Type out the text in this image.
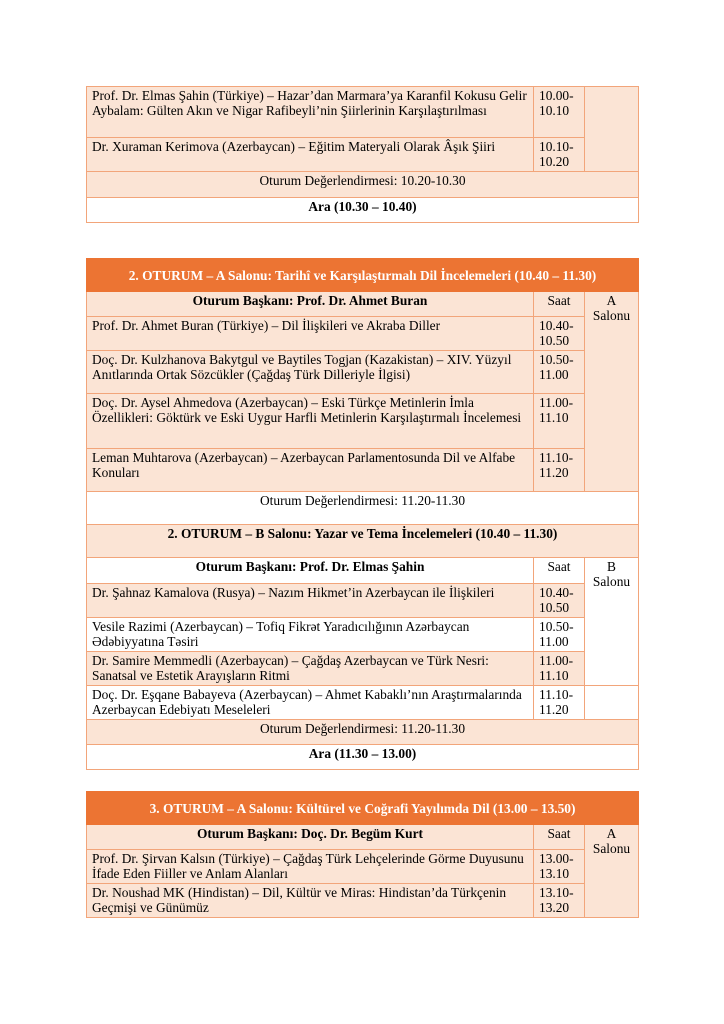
Prof. Dr. Elmas Şahin (Türkiye) – Hazar’dan Marmara’ya Karanfil Kokusu Gelir Aybalam: Gülten Akın ve Nigar Rafibeyli’nin Şiirlerinin Karşılaştırılması	10.00-10.10	
Dr. Xuraman Kerimova (Azerbaycan) – Eğitim Materyali Olarak Âşık Şiiri	10.10-10.20	
Oturum Değerlendirmesi: 10.20-10.30		
Ara (10.30 – 10.40)		
2. OTURUM – A Salonu: Tarihî ve Karşılaştırmalı Dil İncelemeleri (10.40 – 11.30)		
Oturum Başkanı: Prof. Dr. Ahmet Buran	Saat	A Salonu
Prof. Dr. Ahmet Buran (Türkiye) – Dil İlişkileri ve Akraba Diller	10.40-10.50	
Doç. Dr. Kulzhanova Bakytgul ve Baytiles Togjan (Kazakistan) – XIV. Yüzyıl Anıtlarında Ortak Sözcükler (Çağdaş Türk Dilleriyle İlgisi)	10.50-11.00	
Doç. Dr. Aysel Ahmedova (Azerbaycan) – Eski Türkçe Metinlerin İmla Özellikleri: Göktürk ve Eski Uygur Harfli Metinlerin Karşılaştırmalı İncelemesi	11.00-11.10	
Leman Muhtarova (Azerbaycan) – Azerbaycan Parlamentosunda Dil ve Alfabe Konuları	11.10-11.20	
Oturum Değerlendirmesi: 11.20-11.30		
2. OTURUM – B Salonu: Yazar ve Tema İncelemeleri (10.40 – 11.30)		
Oturum Başkanı: Prof. Dr. Elmas Şahin	Saat	B Salonu
Dr. Şahnaz Kamalova (Rusya) – Nazım Hikmet’in Azerbaycan ile İlişkileri	10.40-10.50	
Vesile Razimi (Azerbaycan) – Tofiq Fikrət Yaradıcılığının Azərbaycan Ədəbiyyatına Təsiri	10.50-11.00	
Dr. Samire Memmedli (Azerbaycan) – Çağdaş Azerbaycan ve Türk Nesri: Sanatsal ve Estetik Arayışların Ritmi	11.00-11.10	
Doç. Dr. Eşqane Babayeva (Azerbaycan) – Ahmet Kabaklı’nın Araştırmalarında Azerbaycan Edebiyatı Meseleleri	11.10-11.20	
Oturum Değerlendirmesi: 11.20-11.30		
Ara (11.30 – 13.00)		
3. OTURUM – A Salonu: Kültürel ve Coğrafi Yayılımda Dil (13.00 – 13.50)		
Oturum Başkanı: Doç. Dr. Begüm Kurt	Saat	A Salonu
Prof. Dr. Şirvan Kalsın (Türkiye) – Çağdaş Türk Lehçelerinde Görme Duyusunu İfade Eden Fiiller ve Anlam Alanları	13.00-13.10	
Dr. Noushad MK (Hindistan) – Dil, Kültür ve Miras: Hindistan’da Türkçenin Geçmişi ve Günümüz	13.10-13.20	
